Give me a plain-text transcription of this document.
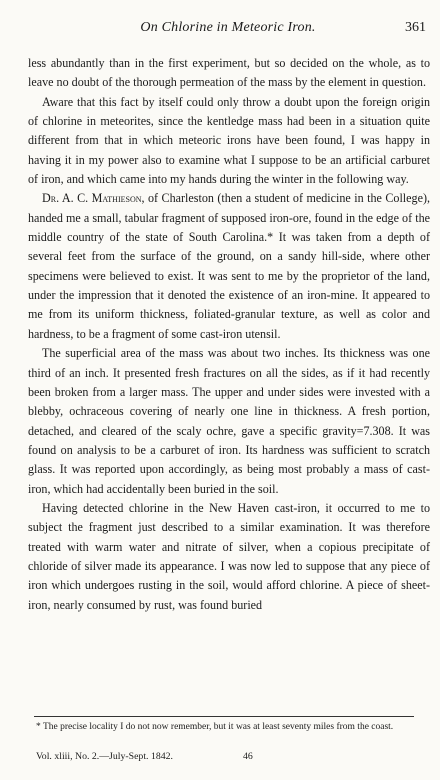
On Chlorine in Meteoric Iron.	361

less abundantly than in the first experiment, but so decided on the whole, as to leave no doubt of the thorough permeation of the mass by the element in question.

Aware that this fact by itself could only throw a doubt upon the foreign origin of chlorine in meteorites, since the kentledge mass had been in a situation quite different from that in which meteoric irons have been found, I was happy in having it in my power also to examine what I suppose to be an artificial carburet of iron, and which came into my hands during the winter in the following way.

Dr. A. C. Mathieson, of Charleston (then a student of medicine in the College), handed me a small, tabular fragment of supposed iron-ore, found in the edge of the middle country of the state of South Carolina.* It was taken from a depth of several feet from the surface of the ground, on a sandy hill-side, where other specimens were believed to exist. It was sent to me by the proprietor of the land, under the impression that it denoted the existence of an iron-mine. It appeared to me from its uniform thickness, foliated-granular texture, as well as color and hardness, to be a fragment of some cast-iron utensil.

The superficial area of the mass was about two inches. Its thickness was one third of an inch. It presented fresh fractures on all the sides, as if it had recently been broken from a larger mass. The upper and under sides were invested with a blebby, ochraceous covering of nearly one line in thickness. A fresh portion, detached, and cleared of the scaly ochre, gave a specific gravity=7.308. It was found on analysis to be a carburet of iron. Its hardness was sufficient to scratch glass. It was reported upon accordingly, as being most probably a mass of cast-iron, which had accidentally been buried in the soil.

Having detected chlorine in the New Haven cast-iron, it occurred to me to subject the fragment just described to a similar examination. It was therefore treated with warm water and nitrate of silver, when a copious precipitate of chloride of silver made its appearance. I was now led to suppose that any piece of iron which undergoes rusting in the soil, would afford chlorine. A piece of sheet-iron, nearly consumed by rust, was found buried

* The precise locality I do not now remember, but it was at least seventy miles from the coast.

Vol. xliii, No. 2.—July-Sept. 1842.	46
